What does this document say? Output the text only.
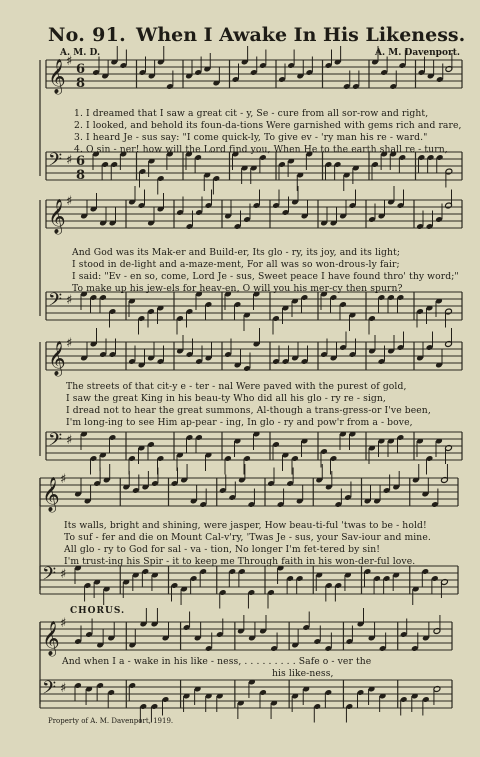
No. 91. When I Awake In His Likeness.
A. M. D.	A. M. Davenport.
𝄞 ♯
6
8
𝄢 ♯ 6
8
𝄞 ♯
𝄢 ♯
𝄞 ♯
𝄢 ♯
𝄞 ♯
𝄢 ♯
𝄞 ♯
𝄢 ♯
1. I dreamed that I saw a great cit - y, Se - cure from all sor-row and right,
2. I looked, and behold its foun-da-tions Were garnished with gems rich and rare,
3. I heard Je - sus say: "I come quick-ly, To give ev - 'ry man his re - ward."
4. O sin - ner! how will the Lord find you, When He to the earth shall re - turn,
And God was its Mak-er and Build-er, Its glo - ry, its joy, and its light;
I stood in de-light and a-maze-ment, For all was so won-drous-ly fair;
I said: "Ev - en so, come, Lord Je - sus, Sweet peace I have found thro' thy word;"
To make up his jew-els for heav-en, O will you his mer-cy then spurn?
The streets of that cit-y e - ter - nal Were paved with the purest of gold,
I saw the great King in his beau-ty Who did all his glo - ry re - sign,
I dread not to hear the great summons, Al-though a trans-gress-or I've been,
I'm long-ing to see Him ap-pear - ing, In glo - ry and pow'r from a - bove,
Its walls, bright and shining, were jasper, How beau-ti-ful 'twas to be - hold!
To suf - fer and die on Mount Cal-v'ry, 'Twas Je - sus, your Sav-iour and mine.
All glo - ry to God for sal - va - tion, No longer I'm fet-tered by sin!
I'm trust-ing his Spir - it to keep me Through faith in his won-der-ful love.
CHORUS.
And when I a - wake in his like - ness, . . . . . . . . . Safe o - ver the
his like-ness,
Property of A. M. Davenport, 1919.
